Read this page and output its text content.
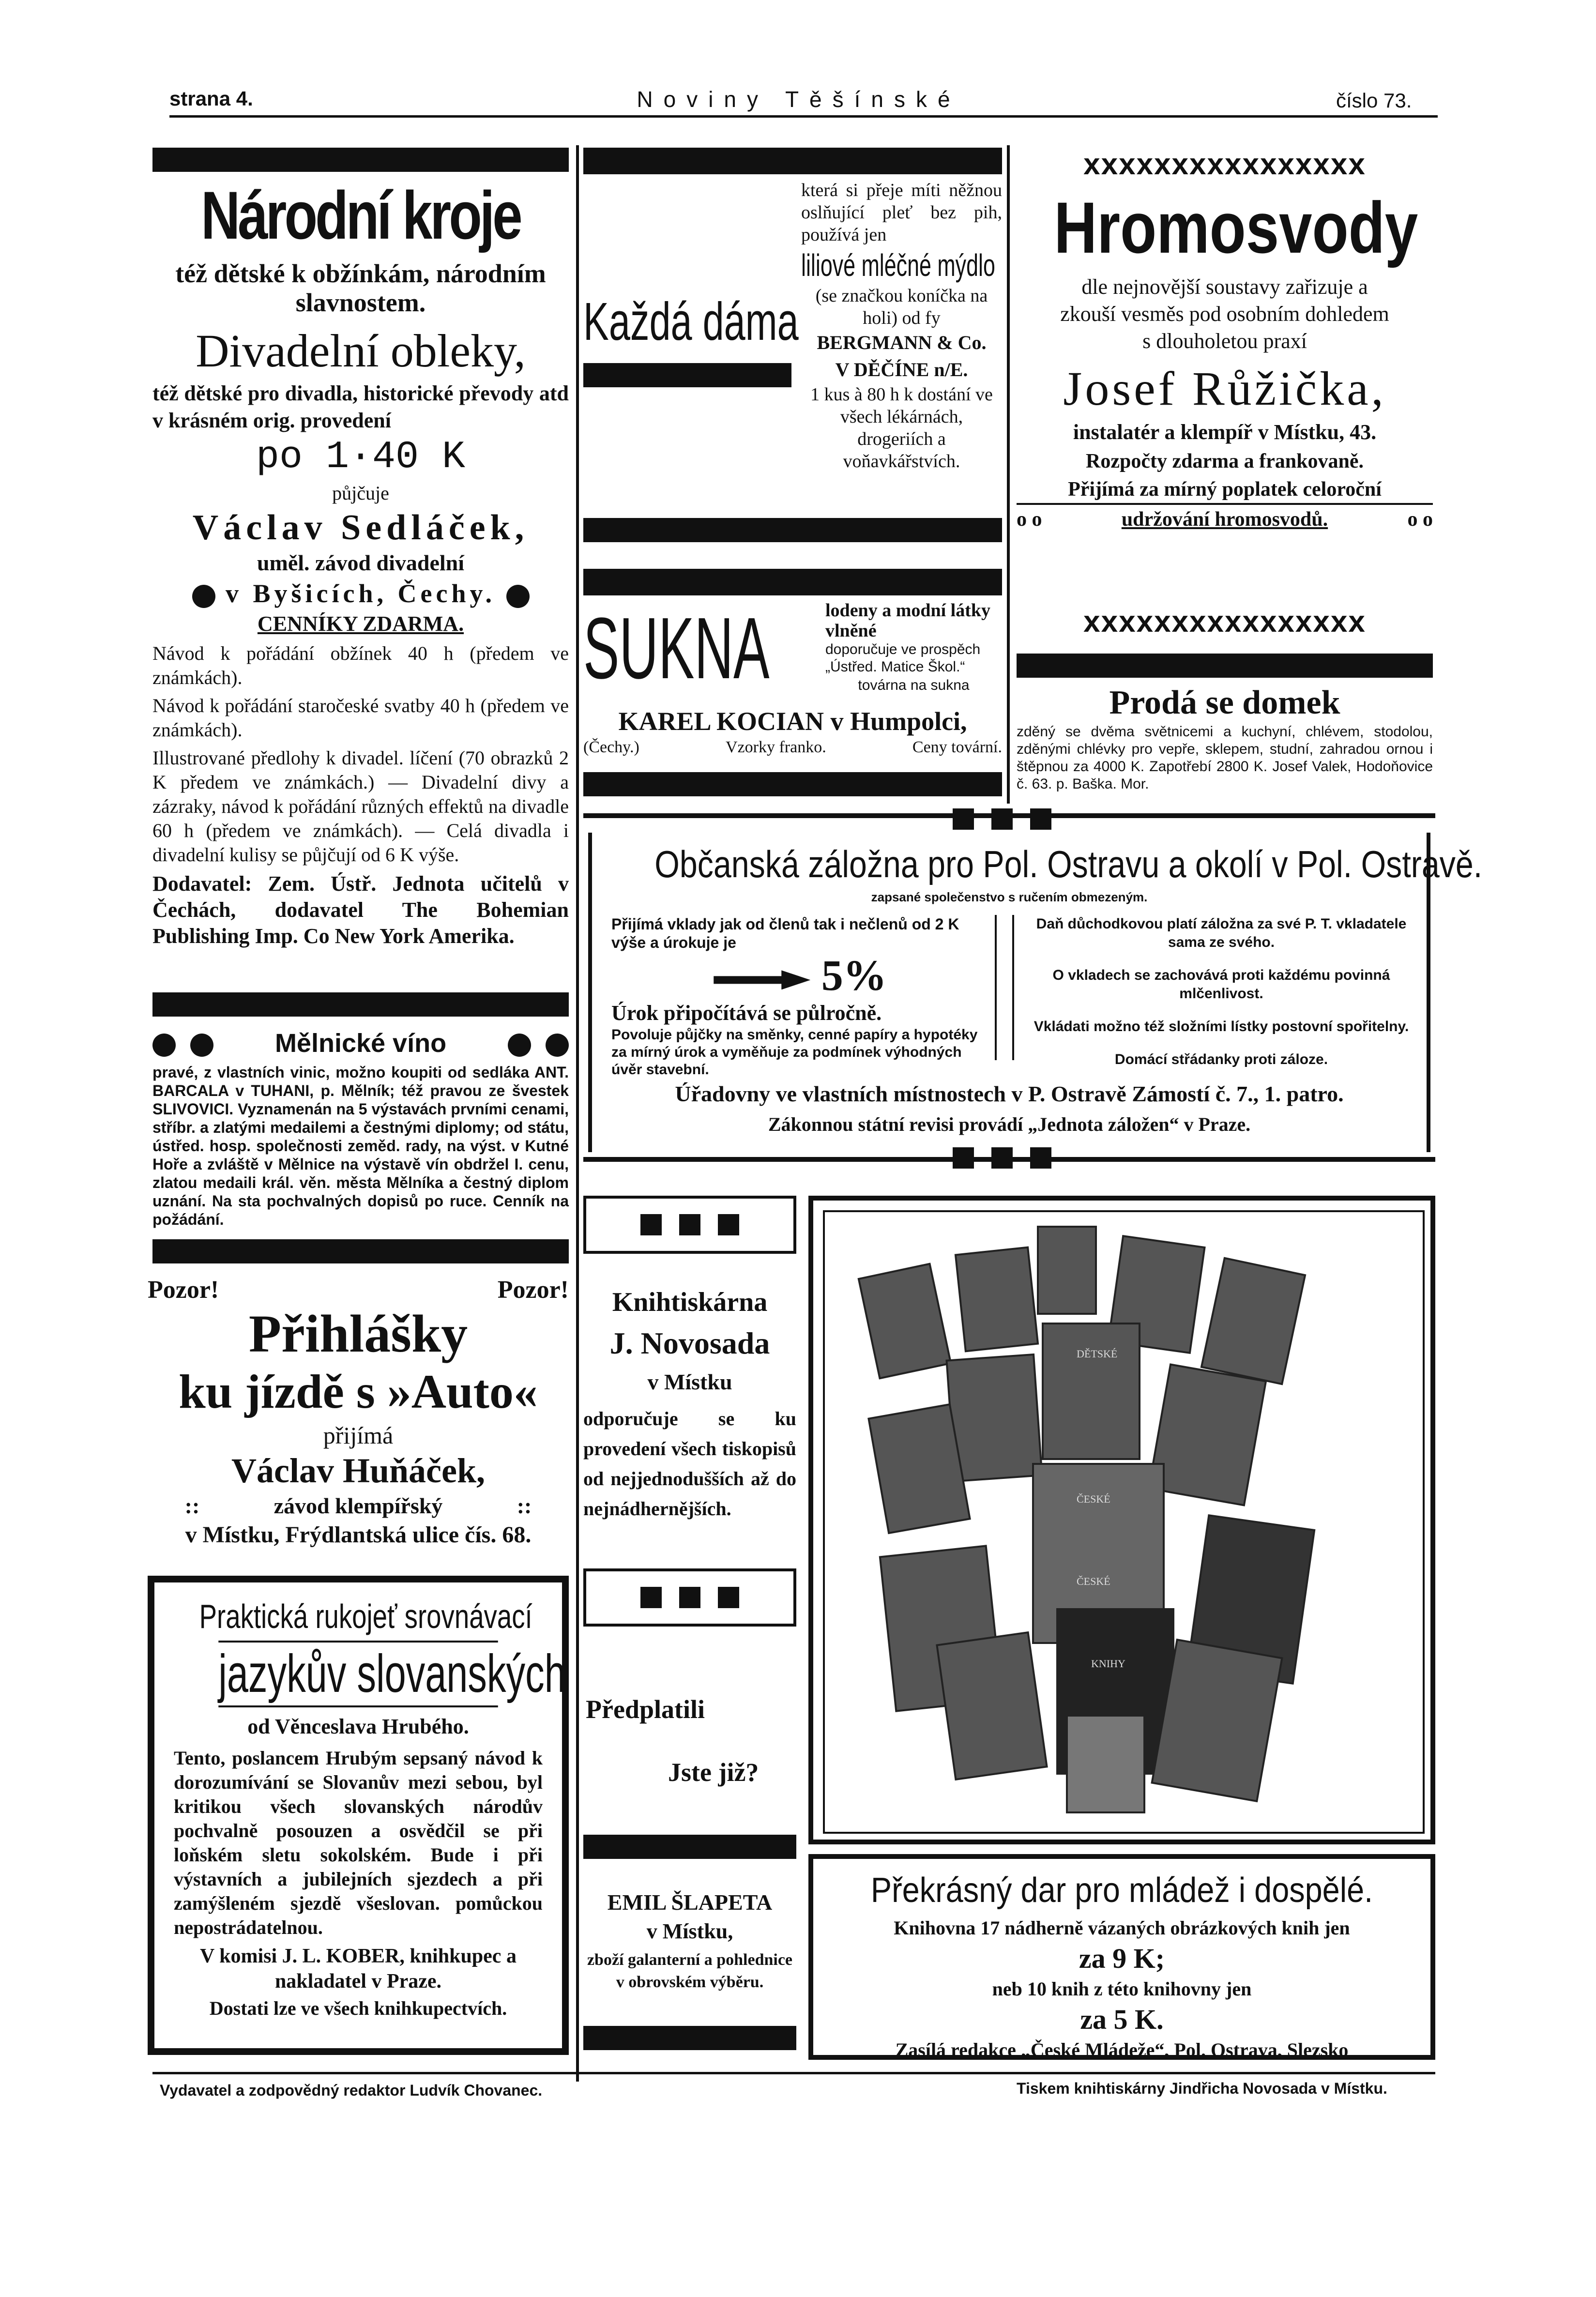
strana 4.	Noviny Těšínské	číslo 73.
Národní kroje
též dětské k obžínkám, národním slavnostem.
Divadelní obleky,
též dětské pro divadla, historické převody atd v krásném orig. provedení
po 1·40 K
půjčuje
Václav Sedláček,
uměl. závod divadelní
v Byšicích, Čechy.
CENNÍKY ZDARMA.
Návod k pořádání obžínek 40 h (předem ve známkách).
Návod k pořádání staročeské svatby 40 h (předem ve známkách).
Illustrované předlohy k divadel. líčení (70 obrazků 2 K předem ve známkách.) — Divadelní divy a zázraky, návod k pořádání různých effektů na divadle 60 h (předem ve známkách). — Celá divadla i divadelní kulisy se půjčují od 6 K výše.
Dodavatel: Zem. Ústř. Jednota učitelů v Čechách, dodavatel The Bohemian Publishing Imp. Co New York Amerika.

Mělnické víno

pravé, z vlastních vinic, možno koupiti od sedláka ANT. BARCALA v TUHANI, p. Mělník; též pravou ze švestek SLIVOVICI. Vyznamenán na 5 výstavách prvními cenami, stříbr. a zlatými medailemi a čestnými diplomy; od státu, ústřed. hosp. společnosti zeměd. rady, na výst. v Kutné Hoře a zvláště v Mělnice na výstavě vín obdržel I. cenu, zlatou medaili král. věn. města Mělníka a čestný diplom uznání. Na sta pochvalných dopisů po ruce. Cenník na požádání.
Pozor!	Pozor!
Přihlášky
ku jízdě s »Auto«
přijímá
Václav Huňáček,
::	závod klempířský	::
v Místku, Frýdlantská ulice čís. 68.
Praktická rukojeť srovnávací
jazykův slovanských
od Věnceslava Hrubého.
Tento, poslancem Hrubým sepsaný návod k dorozumívání se Slovanův mezi sebou, byl kritikou všech slovanských národův pochvalně posouzen a osvědčil se při loňském sletu sokolském. Bude i při výstavních a jubilejních sjezdech a při zamýšleném sjezdě všeslovan. pomůckou nepostrádatelnou.
V komisi J. L. KOBER, knihkupec a nakladatel v Praze.
Dostati lze ve všech knihkupectvích.
Každá dáma
která si přeje míti něžnou oslňující pleť bez pih, používá jen
liliové mléčné mýdlo
(se značkou koníčka na holi) od fy
BERGMANN & Co.
V DĚČÍNE n/E.
1 kus à 80 h k dostání ve všech lékárnách, drogeriích a voňavkářstvích.
SUKNA	lodeny a modní látky vlněné
doporučuje ve prospěch „Ústřed. Matice Škol.“
továrna na sukna
KAREL KOCIAN v Humpolci,
(Čechy.)	Vzorky franko.	Ceny tovární.
xxxxxxxxxxxxxxxx
Hromosvody
dle nejnovější soustavy zařizuje a zkouší vesměs pod osobním dohledem s dlouholetou praxí
Josef Růžička,
instalatér a klempíř v Místku, 43.
Rozpočty zdarma a frankovaně.
Přijímá za mírný poplatek celoroční
o o	udržování hromosvodů.	o o
xxxxxxxxxxxxxxxx
Prodá se domek
zděný se dvěma světnicemi a kuchyní, chlévem, stodolou, zděnými chlévky pro vepře, sklepem, studní, zahradou ornou i štěpnou za 4000 K. Zapotřebí 2800 K. Josef Valek, Hodoňovice č. 63. p. Baška. Mor.
Občanská záložna pro Pol. Ostravu a okolí v Pol. Ostravě.
zapsané společenstvo s ručením obmezeným.
Přijímá vklady jak od členů tak i nečlenů od 2 K výše a úrokuje je
5%
Úrok připočítává se půlročně.
Povoluje půjčky na směnky, cenné papíry a hypotéky za mírný úrok a vyměňuje za podmínek výhodných úvěr stavební.
Daň důchodkovou platí záložna za své P. T. vkladatele sama ze svého.
O vkladech se zachovává proti každému povinná mlčenlivost.
Vkládati možno též složními lístky postovní spořitelny.
Domácí střádanky proti záloze.
Úřadovny ve vlastních místnostech v P. Ostravě Zámostí č. 7., 1. patro.
Zákonnou státní revisi provádí „Jednota záložen“ v Praze.
Knihtiskárna
J. Novosada
v Místku
odporučuje se ku provedení všech tiskopisů od nejjednodušších až do nejnádhernějších.
Předplatili
Jste již?
EMIL ŠLAPETA
v Místku,
zboží galanterní a pohlednice v obrovském výběru.
DĚTSKÉ
ČESKÉ
ČESKÉ
KNIHY
Překrásný dar pro mládež i dospělé.
Knihovna 17 nádherně vázaných obrázkových knih jen
za 9 K;
neb 10 knih z této knihovny jen
za 5 K.
Zasílá redakce „České Mládeže“, Pol. Ostrava, Slezsko
Vydavatel a zodpovědný redaktor Ludvík Chovanec.	Tiskem knihtiskárny Jindřicha Novosada v Místku.
